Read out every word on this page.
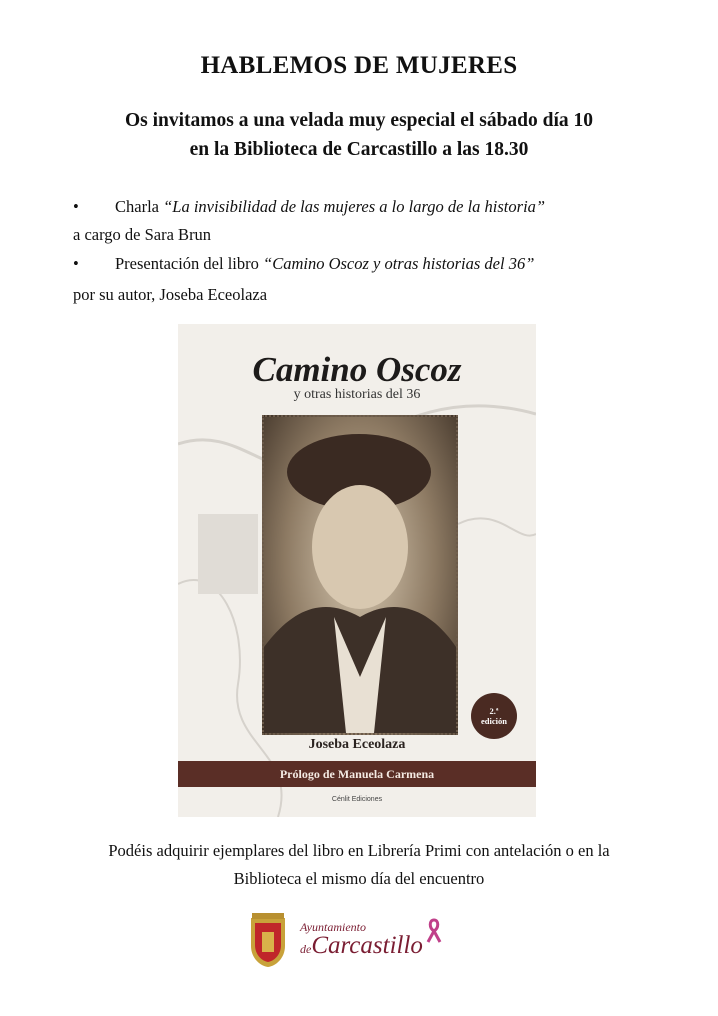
HABLEMOS DE MUJERES
Os invitamos a una velada muy especial el sábado día 10
en la Biblioteca de Carcastillo a las 18.30
• Charla “La invisibilidad de las mujeres a lo largo de la historia”
a cargo de Sara Brun
• Presentación del libro “Camino Oscoz y otras historias del 36”
por su autor, Joseba Eceolaza
Camino Oscoz
y otras historias del 36
2.ª
edición
Joseba Eceolaza
Prólogo de Manuela Carmena
Cénlit Ediciones
Podéis adquirir ejemplares del libro en Librería Primi con antelación o en la
Biblioteca el mismo día del encuentro
Ayuntamiento
deCarcastillo
